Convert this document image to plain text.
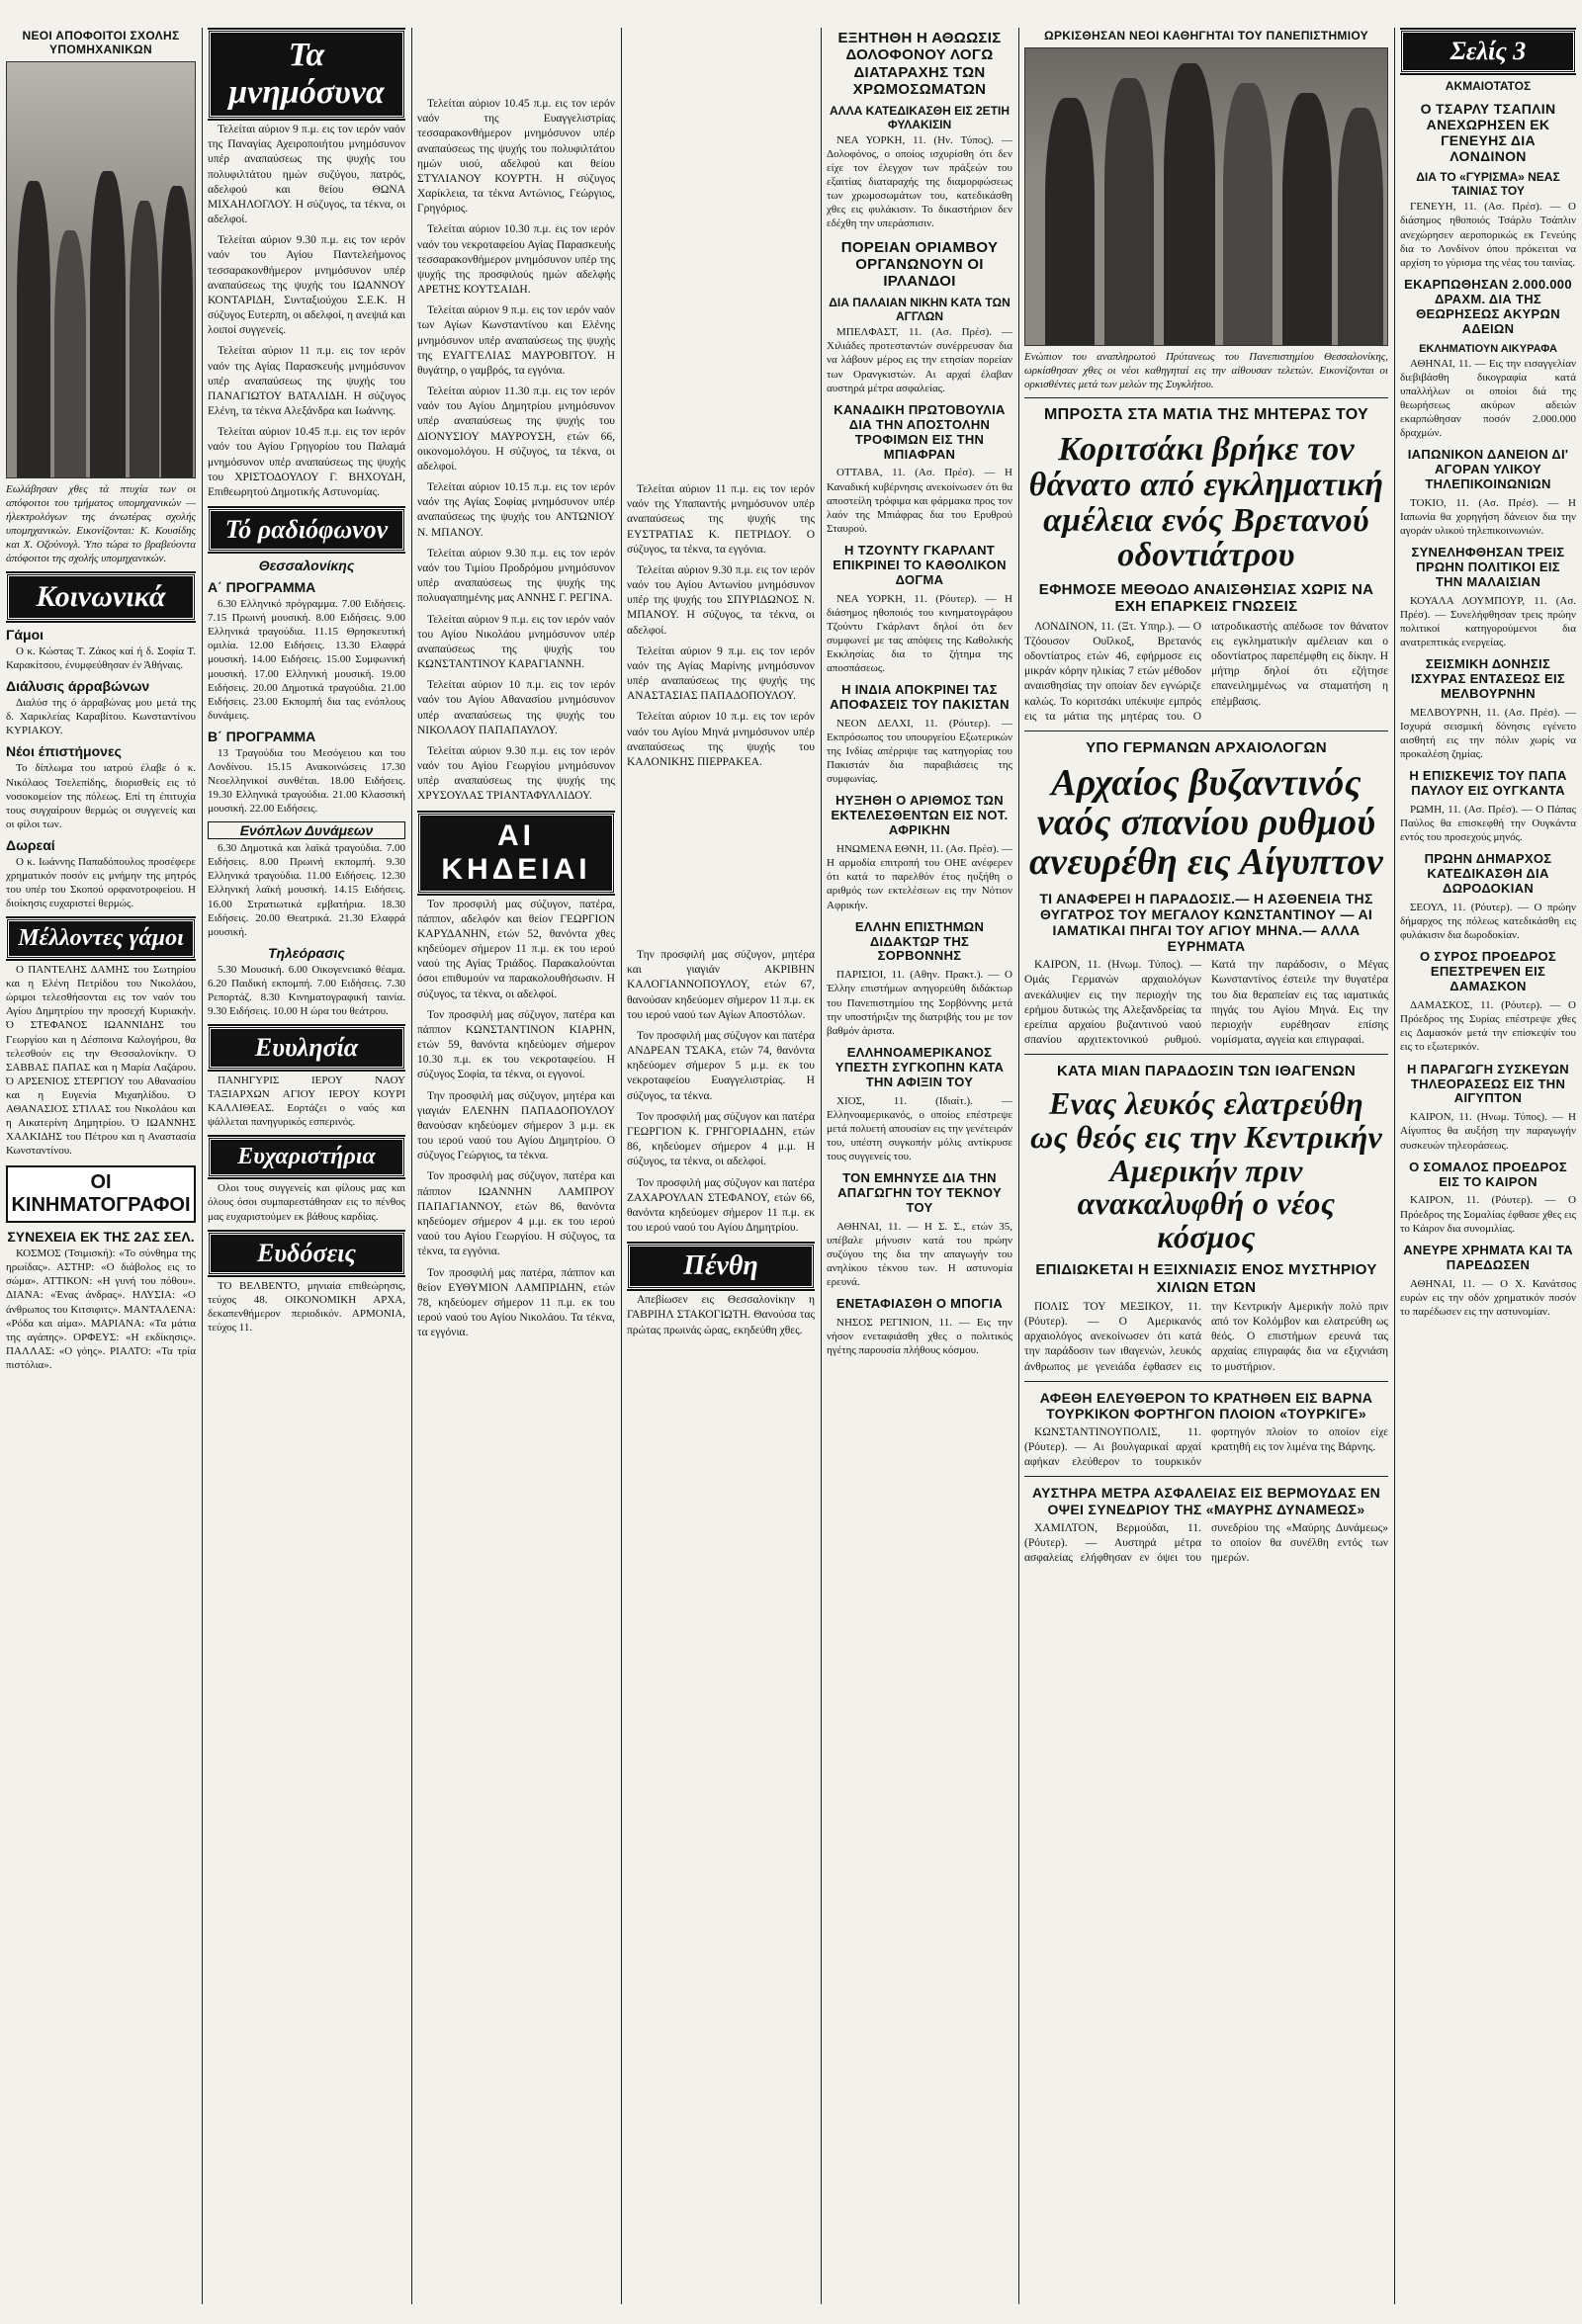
ΝΕΟΙ ΑΠΟΦΟΙΤΟΙ ΣΧΟΛΗΣ ΥΠΟΜΗΧΑΝΙΚΩΝ
Εωλάβησαν χθες τά πτυχία των οι απόφοιτοι του τμήματος υπομηχανικών — ήλεκτρολόγων της άνωτέρας σχολής υπομηχανικών. Εικονίζονται: Κ. Κουσίδης και Χ. Οζούνογλ. Ύπο τώρα το βραβεύοντα άπόφοιτοι της σχολής υπομηχανικών.
Κοινωνικά
Γάμοι
Ο κ. Κώστας Τ. Ζάκος καί ή δ. Σοφία Τ. Καρακίτσου, ένυμφεύθησαν έν Άθήναις.
Διάλυσις άρραβώνων
Διαλύσ της ό άρραβώνας μου μετά της δ. Χαρικλείας Καραβίτου. Κωνσταντίνου ΚΥΡΙΑΚΟΥ.
Νέοι έπιστήμονες
Το δίπλωμα του ιατρού έλαβε ό κ. Νικόλαος Τσελεπίδης, διορισθείς εις τό νοσοκομείον της πόλεως. Επί τη έπιτυχία τους συγχαίρουν θερμώς οι συγγενείς και οι φίλοι των.
Δωρεαί
Ο κ. Ιωάννης Παπαδόπουλος προσέφερε χρηματικόν ποσόν εις μνήμην της μητρός του υπέρ του Σκοπού ορφανοτροφείου. Η διοίκησις ευχαριστεί θερμώς.
Μέλλοντες γάμοι
Ο ΠΑΝΤΕΛΗΣ ΔΑΜΗΣ του Σωτηρίου και η Ελένη Πετρίδου του Νικολάου, ώριμοι τελεσθήσονται εις τον ναόν του Αγίου Δημητρίου την προσεχή Κυριακήν. Ό ΣΤΕΦΑΝΟΣ ΙΩΑΝΝΙΔΗΣ του Γεωργίου και η Δέσποινα Καλογήρου, θα τελεσθούν εις την Θεσσαλονίκην. Ό ΣΑΒΒΑΣ ΠΑΠΑΣ και η Μαρία Λαζάρου. Ό ΑΡΣΕΝΙΟΣ ΣΤΕΡΓΙΟΥ του Αθανασίου και η Ευγενία Μιχαηλίδου. Ό ΑΘΑΝΑΣΙΟΣ ΣΤΙΛΑΣ του Νικολάου και η Αικατερίνη Δημητρίου. Ό ΙΩΑΝΝΗΣ ΧΑΛΚΙΔΗΣ του Πέτρου και η Αναστασία Κωνσταντίνου.
ΟΙ ΚΙΝΗΜΑΤΟΓΡΑΦΟΙ
ΣΥΝΕΧΕΙΑ ΕΚ ΤΗΣ 2ΑΣ ΣΕΛ.
ΚΟΣΜΟΣ (Τσιμισκή): «Το σύνθημα της ηρωίδας». ΑΣΤΗΡ: «Ο διάβολος εις το σώμα». ΑΤΤΙΚΟΝ: «Η γυνή του πόθου». ΔΙΑΝΑ: «Ένας άνδρας». ΗΛΥΣΙΑ: «Ο άνθρωπος του Κιτσιφιτς». ΜΑΝΤΑΛΕΝΑ: «Ρόδα και αίμα». ΜΑΡΙΑΝΑ: «Τα μάτια της αγάπης». ΟΡΦΕΥΣ: «Η εκδίκησις». ΠΑΛΛΑΣ: «Ο γόης». ΡΙΑΛΤΟ: «Τα τρία πιστόλια».
Τα μνημόσυνα
Τελείται αύριον 9 π.μ. εις τον ιερόν ναόν της Παναγίας Αχειροποιήτου μνημόσυνον υπέρ αναπαύσεως της ψυχής του πολυφιλτάτου ημών συζύγου, πατρός, αδελφού και θείου ΘΩΝΑ ΜΙΧΑΗΛΟΓΛΟΥ. Η σύζυγος, τα τέκνα, οι αδελφοί.
Τελείται αύριον 9.30 π.μ. εις τον ιερόν ναόν του Αγίου Παντελεήμονος τεσσαρακονθήμερον μνημόσυνον υπέρ αναπαύσεως της ψυχής του ΙΩΑΝΝΟΥ ΚΟΝΤΑΡΙΔΗ, Συνταξιούχου Σ.Ε.Κ. Η σύζυγος Ευτερπη, οι αδελφοί, η ανεψιά και λοιποί συγγενείς.
Τελείται αύριον 11 π.μ. εις τον ιερόν ναόν της Αγίας Παρασκευής μνημόσυνον υπέρ αναπαύσεως της ψυχής του ΠΑΝΑΓΙΩΤΟΥ ΒΑΤΑΛΙΔΗ. Η σύζυγος Ελένη, τα τέκνα Αλεξάνδρα και Ιωάννης.
Τελείται αύριον 10.45 π.μ. εις τον ιερόν ναόν του Αγίου Γρηγορίου του Παλαμά μνημόσυνον υπέρ αναπαύσεως της ψυχής του ΧΡΙΣΤΟΔΟΥΛΟΥ Γ. ΒΗΧΟΥΔΗ, Επιθεωρητού Δημοτικής Αστυνομίας.
Τό ραδιόφωνον
Θεσσαλονίκης
Α΄ ΠΡΟΓΡΑΜΜΑ
6.30 Ελληνικό πρόγραμμα. 7.00 Ειδήσεις. 7.15 Πρωινή μουσική. 8.00 Ειδήσεις. 9.00 Ελληνικά τραγούδια. 11.15 Θρησκευτική ομιλία. 12.00 Ειδήσεις. 13.30 Ελαφρά μουσική. 14.00 Ειδήσεις. 15.00 Συμφωνική μουσική. 17.00 Ελληνική μουσική. 19.00 Ειδήσεις. 20.00 Δημοτικά τραγούδια. 21.00 Ειδήσεις. 23.00 Εκπομπή δια τας ενόπλους δυνάμεις.
Β΄ ΠΡΟΓΡΑΜΜΑ
13 Τραγούδια του Μεσόγειου και του Λονδίνου. 15.15 Ανακοινώσεις 17.30 Νεοελληνικοί συνθέται. 18.00 Ειδήσεις. 19.30 Ελληνικά τραγούδια. 21.00 Κλασσική μουσική. 22.00 Ειδήσεις.
Ενόπλων Δυνάμεων
6.30 Δημοτικά και λαϊκά τραγούδια. 7.00 Ειδήσεις. 8.00 Πρωινή εκπομπή. 9.30 Ελληνικά τραγούδια. 11.00 Ειδήσεις. 12.30 Ελληνική λαϊκή μουσική. 14.15 Ειδήσεις. 16.00 Στρατιωτικά εμβατήρια. 18.30 Ειδήσεις. 20.00 Θεατρικά. 21.30 Ελαφρά μουσική.
Τηλεόρασις
5.30 Μουσική. 6.00 Οικογενειακό θέαμα. 6.20 Παιδική εκπομπή. 7.00 Ειδήσεις. 7.30 Ρεπορτάζ. 8.30 Κινηματογραφική ταινία. 9.30 Ειδήσεις. 10.00 Η ώρα του θεάτρου.
Ευυλησία
ΠΑΝΗΓΥΡΙΣ ΙΕΡΟΥ ΝΑΟΥ ΤΑΞΙΑΡΧΩΝ ΑΓΙΟΥ ΙΕΡΟΥ ΚΟΥΡΙ ΚΑΛΛΙΘΕΑΣ. Εορτάζει ο ναός και ψάλλεται πανηγυρικός εσπερινός.
Ευχαριστήρια
Ολοι τους συγγενείς και φίλους μας και όλους όσοι συμπαρεστάθησαν εις το πένθος μας ευχαριστούμεν εκ βάθους καρδίας.
Ευδόσεις
ΤΟ ΒΕΛΒΕΝΤΟ, μηνιαία επιθεώρησις, τεύχος 48. ΟΙΚΟΝΟΜΙΚΗ ΑΡΧΑ, δεκαπενθήμερον περιοδικόν. ΑΡΜΟΝΙΑ, τεύχος 11.
Τελείται αύριον 10.45 π.μ. εις τον ιερόν ναόν της Ευαγγελιστρίας τεσσαρακονθήμερον μνημόσυνον υπέρ αναπαύσεως της ψυχής του πολυφιλτάτου ημών υιού, αδελφού και θείου ΣΤΥΛΙΑΝΟΥ ΚΟΥΡΤΗ. Η σύζυγος Χαρίκλεια, τα τέκνα Αντώνιος, Γεώργιος, Γρηγόριος.
Τελείται αύριον 10.30 π.μ. εις τον ιερόν ναόν του νεκροταφείου Αγίας Παρασκευής τεσσαρακονθήμερον μνημόσυνον υπέρ της ψυχής της προσφιλούς ημών αδελφής ΑΡΕΤΗΣ ΚΟΥΤΣΑΙΔΗ.
Τελείται αύριον 9 π.μ. εις τον ιερόν ναόν των Αγίων Κωνσταντίνου και Ελένης μνημόσυνον υπέρ αναπαύσεως της ψυχής της ΕΥΑΓΓΕΛΙΑΣ ΜΑΥΡΟΒΙΤΟΥ. Η θυγάτηρ, ο γαμβρός, τα εγγόνια.
Τελείται αύριον 11.30 π.μ. εις τον ιερόν ναόν του Αγίου Δημητρίου μνημόσυνον υπέρ αναπαύσεως της ψυχής του ΔΙΟΝΥΣΙΟΥ ΜΑΥΡΟΥΣΗ, ετών 66, οικονομολόγου. Η σύζυγος, τα τέκνα, οι αδελφοί.
Τελείται αύριον 10.15 π.μ. εις τον ιερόν ναόν της Αγίας Σοφίας μνημόσυνον υπέρ αναπαύσεως της ψυχής του ΑΝΤΩΝΙΟΥ Ν. ΜΠΑΝΟΥ.
Τελείται αύριον 9.30 π.μ. εις τον ιερόν ναόν του Τιμίου Προδρόμου μνημόσυνον υπέρ αναπαύσεως της ψυχής της πολυαγαπημένης μας ΑΝΝΗΣ Γ. ΡΕΓΙΝΑ.
Τελείται αύριον 9 π.μ. εις τον ιερόν ναόν του Αγίου Νικολάου μνημόσυνον υπέρ αναπαύσεως της ψυχής του ΚΩΝΣΤΑΝΤΙΝΟΥ ΚΑΡΑΓΙΑΝΝΗ.
Τελείται αύριον 10 π.μ. εις τον ιερόν ναόν του Αγίου Αθανασίου μνημόσυνον υπέρ αναπαύσεως της ψυχής του ΝΙΚΟΛΑΟΥ ΠΑΠΑΠΑΥΛΟΥ.
Τελείται αύριον 9.30 π.μ. εις τον ιερόν ναόν του Αγίου Γεωργίου μνημόσυνον υπέρ αναπαύσεως της ψυχής της ΧΡΥΣΟΥΛΑΣ ΤΡΙΑΝΤΑΦΥΛΛΙΔΟΥ.
ΑΙ ΚΗΔΕΙΑΙ
Τον προσφιλή μας σύζυγον, πατέρα, πάππον, αδελφόν και θείον ΓΕΩΡΓΙΟΝ ΚΑΡΥΔΑΝΗΝ, ετών 52, θανόντα χθες κηδεύομεν σήμερον 11 π.μ. εκ του ιερού ναού της Αγίας Τριάδος. Παρακαλούνται όσοι επιθυμούν να παρακολουθήσωσιν. Η σύζυγος, τα τέκνα, οι αδελφοί.
Τον προσφιλή μας σύζυγον, πατέρα και πάππον ΚΩΝΣΤΑΝΤΙΝΟΝ ΚΙΑΡΗΝ, ετών 59, θανόντα κηδεύομεν σήμερον 10.30 π.μ. εκ του νεκροταφείου. Η σύζυγος Σοφία, τα τέκνα, οι εγγονοί.
Την προσφιλή μας σύζυγον, μητέρα και γιαγιάν ΕΛΕΝΗΝ ΠΑΠΑΔΟΠΟΥΛΟΥ θανούσαν κηδεύομεν σήμερον 3 μ.μ. εκ του ιερού ναού του Αγίου Δημητρίου. Ο σύζυγος Γεώργιος, τα τέκνα.
Τον προσφιλή μας σύζυγον, πατέρα και πάππον ΙΩΑΝΝΗΝ ΛΑΜΠΡΟΥ ΠΑΠΑΓΙΑΝΝΟΥ, ετών 86, θανόντα κηδεύομεν σήμερον 4 μ.μ. εκ του ιερού ναού του Αγίου Γεωργίου. Η σύζυγος, τα τέκνα, τα εγγόνια.
Τον προσφιλή μας πατέρα, πάππον και θείον ΕΥΘΥΜΙΟΝ ΛΑΜΠΡΙΔΗΝ, ετών 78, κηδεύομεν σήμερον 11 π.μ. εκ του ιερού ναού του Αγίου Νικολάου. Τα τέκνα, τα εγγόνια.
Τελείται αύριον 11 π.μ. εις τον ιερόν ναόν της Υπαπαντής μνημόσυνον υπέρ αναπαύσεως της ψυχής της ΕΥΣΤΡΑΤΙΑΣ Κ. ΠΕΤΡΙΔΟΥ. Ο σύζυγος, τα τέκνα, τα εγγόνια.
Τελείται αύριον 9.30 π.μ. εις τον ιερόν ναόν του Αγίου Αντωνίου μνημόσυνον υπέρ της ψυχής του ΣΠΥΡΙΔΩΝΟΣ Ν. ΜΠΑΝΟΥ. Η σύζυγος, τα τέκνα, οι αδελφοί.
Τελείται αύριον 9 π.μ. εις τον ιερόν ναόν της Αγίας Μαρίνης μνημόσυνον υπέρ αναπαύσεως της ψυχής της ΑΝΑΣΤΑΣΙΑΣ ΠΑΠΑΔΟΠΟΥΛΟΥ.
Τελείται αύριον 10 π.μ. εις τον ιερόν ναόν του Αγίου Μηνά μνημόσυνον υπέρ αναπαύσεως της ψυχής του ΚΑΛΟΝΙΚΗΣ ΠΙΕΡΡΑΚΕΑ.
Την προσφιλή μας σύζυγον, μητέρα και γιαγιάν ΑΚΡΙΒΗΝ ΚΑΛΟΓΙΑΝΝΟΠΟΥΛΟΥ, ετών 67, θανούσαν κηδεύομεν σήμερον 11 π.μ. εκ του ιερού ναού των Αγίων Αποστόλων.
Τον προσφιλή μας σύζυγον και πατέρα ΑΝΔΡΕΑΝ ΤΣΑΚΑ, ετών 74, θανόντα κηδεύομεν σήμερον 5 μ.μ. εκ του νεκροταφείου Ευαγγελιστρίας. Η σύζυγος, τα τέκνα.
Τον προσφιλή μας σύζυγον και πατέρα ΓΕΩΡΓΙΟΝ Κ. ΓΡΗΓΟΡΙΑΔΗΝ, ετών 86, κηδεύομεν σήμερον 4 μ.μ. Η σύζυγος, τα τέκνα, οι αδελφοί.
Τον προσφιλή μας σύζυγον και πατέρα ΖΑΧΑΡΟΥΛΑΝ ΣΤΕΦΑΝΟΥ, ετών 66, θανόντα κηδεύομεν σήμερον 11 π.μ. εκ του ιερού ναού του Αγίου Δημητρίου.
Πένθη
Απεβίωσεν εις Θεσσαλονίκην η ΓΑΒΡΙΗΛ ΣΤΑΚΟΓΙΩΤΗ. Θανούσα τας πρώτας πρωινάς ώρας, εκηδεύθη χθες.
ΕΞΗΤΗΘΗ Η ΑΘΩΩΣΙΣ ΔΟΛΟΦΟΝΟΥ ΛΟΓΩ ΔΙΑΤΑΡΑΧΗΣ ΤΩΝ ΧΡΩΜΟΣΩΜΑΤΩΝ
ΑΛΛΑ ΚΑΤΕΔΙΚΑΣΘΗ ΕΙΣ 2ΕΤΙΗ ΦΥΛΑΚΙΣΙΝ
ΝΕΑ ΥΟΡΚΗ, 11. (Ην. Τύπος). — Δολοφόνος, ο οποίος ισχυρίσθη ότι δεν είχε τον έλεγχον των πράξεών του εξαιτίας διαταραχής της διαμορφώσεως των χρωμοσωμάτων του, κατεδικάσθη χθες εις φυλάκισιν. Το δικαστήριον δεν εδέχθη την υπεράσπισιν.
ΠΟΡΕΙΑΝ ΟΡΙΑΜΒΟΥ ΟΡΓΑΝΩΝΟΥΝ ΟΙ ΙΡΛΑΝΔΟΙ
ΔΙΑ ΠΑΛΑΙΑΝ ΝΙΚΗΝ ΚΑΤΑ ΤΩΝ ΑΓΓΛΩΝ
ΜΠΕΛΦΑΣΤ, 11. (Ασ. Πρέσ). — Χιλιάδες προτεσταντών συνέρρευσαν δια να λάβουν μέρος εις την ετησίαν πορείαν των Ορανγκιστών. Αι αρχαί έλαβαν αυστηρά μέτρα ασφαλείας.
ΚΑΝΑΔΙΚΗ ΠΡΩΤΟΒΟΥΛΙΑ ΔΙΑ ΤΗΝ ΑΠΟΣΤΟΛΗΝ ΤΡΟΦΙΜΩΝ ΕΙΣ ΤΗΝ ΜΠΙΑΦΡΑΝ
ΟΤΤΑΒΑ, 11. (Ασ. Πρέσ). — Η Καναδική κυβέρνησις ανεκοίνωσεν ότι θα αποστείλη τρόφιμα και φάρμακα προς τον λαόν της Μπιάφρας δια του Ερυθρού Σταυρού.
Η ΤΖΟΥΝΤΥ ΓΚΑΡΛΑΝΤ ΕΠΙΚΡΙΝΕΙ ΤΟ ΚΑΘΟΛΙΚΟΝ ΔΟΓΜΑ
ΝΕΑ ΥΟΡΚΗ, 11. (Ρόυτερ). — Η διάσημος ηθοποιός του κινηματογράφου Τζούντυ Γκάρλαντ δηλοί ότι δεν συμφωνεί με τας απόψεις της Καθολικής Εκκλησίας δια το ζήτημα της αποσπάσεως.
Η ΙΝΔΙΑ ΑΠΟΚΡΙΝΕΙ ΤΑΣ ΑΠΟΦΑΣΕΙΣ ΤΟΥ ΠΑΚΙΣΤΑΝ
ΝΕΟΝ ΔΕΛΧΙ, 11. (Ρόυτερ). — Εκπρόσωπος του υπουργείου Εξωτερικών της Ινδίας απέρριψε τας κατηγορίας του Πακιστάν δια παραβιάσεις της συμφωνίας.
ΗΥΞΗΘΗ Ο ΑΡΙΘΜΟΣ ΤΩΝ ΕΚΤΕΛΕΣΘΕΝΤΩΝ ΕΙΣ ΝΟΤ. ΑΦΡΙΚΗΝ
ΗΝΩΜΕΝΑ ΕΘΝΗ, 11. (Ασ. Πρέσ). — Η αρμοδία επιτροπή του ΟΗΕ ανέφερεν ότι κατά το παρελθόν έτος ηυξήθη ο αριθμός των εκτελέσεων εις την Νότιον Αφρικήν.
ΕΛΛΗΝ ΕΠΙΣΤΗΜΩΝ ΔΙΔΑΚΤΩΡ ΤΗΣ ΣΟΡΒΟΝΝΗΣ
ΠΑΡΙΣΙΟΙ, 11. (Αθην. Πρακτ.). — Ο Έλλην επιστήμων ανηγορεύθη διδάκτωρ του Πανεπιστημίου της Σορβόννης μετά την υποστήριξιν της διατριβής του με τον βαθμόν άριστα.
ΕΛΛΗΝΟΑΜΕΡΙΚΑΝΟΣ ΥΠΕΣΤΗ ΣΥΓΚΟΠΗΝ ΚΑΤΑ ΤΗΝ ΑΦΙΞΙΝ ΤΟΥ
ΧΙΟΣ, 11. (Ιδιαίτ.). — Ελληνοαμερικανός, ο οποίος επέστρεψε μετά πολυετή απουσίαν εις την γενέτειράν του, υπέστη συγκοπήν μόλις αντίκρυσε τους συγγενείς του.
ΤΟΝ ΕΜΗΝΥΣΕ ΔΙΑ ΤΗΝ ΑΠΑΓΩΓΗΝ ΤΟΥ ΤΕΚΝΟΥ ΤΟΥ
ΑΘΗΝΑΙ, 11. — Η Σ. Σ., ετών 35, υπέβαλε μήνυσιν κατά του πρώην συζύγου της δια την απαγωγήν του ανηλίκου τέκνου των. Η αστυνομία ερευνά.
ΕΝΕΤΑΦΙΑΣΘΗ Ο ΜΠΟΓΙΑ
ΝΗΣΟΣ ΡΕΓΙΝΙΟΝ, 11. — Εις την νήσον ενεταφιάσθη χθες ο πολιτικός ηγέτης παρουσία πλήθους κόσμου.
ΩΡΚΙΣΘΗΣΑΝ ΝΕΟΙ ΚΑΘΗΓΗΤΑΙ ΤΟΥ ΠΑΝΕΠΙΣΤΗΜΙΟΥ
Ενώπιον του αναπληρωτού Πρύτανεως του Πανεπιστημίου Θεσσαλονίκης, ωρκίσθησαν χθες οι νέοι καθηγηταί εις την αίθουσαν τελετών. Εικονίζονται οι ορκισθέντες μετά των μελών της Συγκλήτου.
ΜΠΡΟΣΤΑ ΣΤΑ ΜΑΤΙΑ ΤΗΣ ΜΗΤΕΡΑΣ ΤΟΥ
Κοριτσάκι βρήκε τον θάνατο από εγκληματική αμέλεια ενός Βρετανού οδοντιάτρου
ΕΦΗΜΟΣΕ ΜΕΘΟΔΟ ΑΝΑΙΣΘΗΣΙΑΣ ΧΩΡΙΣ ΝΑ ΕΧΗ ΕΠΑΡΚΕΙΣ ΓΝΩΣΕΙΣ
ΛΟΝΔΙΝΟΝ, 11. (Ξτ. Υπηρ.). — Ο Τζόουσον Ουΐλκοξ, Βρετανός οδοντίατρος ετών 46, εφήρμοσε εις μικράν κόρην ηλικίας 7 ετών μέθοδον αναισθησίας την οποίαν δεν εγνώριζε καλώς. Το κοριτσάκι υπέκυψε εμπρός εις τα μάτια της μητέρας του. Ο ιατροδικαστής απέδωσε τον θάνατον εις εγκληματικήν αμέλειαν και ο οδοντίατρος παρεπέμφθη εις δίκην. Η μήτηρ δηλοί ότι εζήτησε επανειλημμένως να σταματήση η επέμβασις.
ΥΠΟ ΓΕΡΜΑΝΩΝ ΑΡΧΑΙΟΛΟΓΩΝ
Αρχαίος βυζαντινός ναός σπανίου ρυθμού ανευρέθη εις Αίγυπτον
ΤΙ ΑΝΑΦΕΡΕΙ Η ΠΑΡΑΔΟΣΙΣ.— Η ΑΣΘΕΝΕΙΑ ΤΗΣ ΘΥΓΑΤΡΟΣ ΤΟΥ ΜΕΓΑΛΟΥ ΚΩΝΣΤΑΝΤΙΝΟΥ — ΑΙ ΙΑΜΑΤΙΚΑΙ ΠΗΓΑΙ ΤΟΥ ΑΓΙΟΥ ΜΗΝΑ.— ΑΛΛΑ ΕΥΡΗΜΑΤΑ
ΚΑΙΡΟΝ, 11. (Ηνωμ. Τύπος). — Ομάς Γερμανών αρχαιολόγων ανεκάλυψεν εις την περιοχήν της ερήμου δυτικώς της Αλεξανδρείας τα ερείπια αρχαίου βυζαντινού ναού σπανίου αρχιτεκτονικού ρυθμού. Κατά την παράδοσιν, ο Μέγας Κωνσταντίνος έστειλε την θυγατέρα του δια θεραπείαν εις τας ιαματικάς πηγάς του Αγίου Μηνά. Εις την περιοχήν ευρέθησαν επίσης νομίσματα, αγγεία και επιγραφαί.
ΚΑΤΑ ΜΙΑΝ ΠΑΡΑΔΟΣΙΝ ΤΩΝ ΙΘΑΓΕΝΩΝ
Ενας λευκός ελατρεύθη ως θεός εις την Κεντρικήν Αμερικήν πριν ανακαλυφθή ο νέος κόσμος
ΕΠΙΔΙΩΚΕΤΑΙ Η ΕΞΙΧΝΙΑΣΙΣ ΕΝΟΣ ΜΥΣΤΗΡΙΟΥ ΧΙΛΙΩΝ ΕΤΩΝ
ΠΟΛΙΣ ΤΟΥ ΜΕΞΙΚΟΥ, 11. (Ρόυτερ). — Ο Αμερικανός αρχαιολόγος ανεκοίνωσεν ότι κατά την παράδοσιν των ιθαγενών, λευκός άνθρωπος με γενειάδα έφθασεν εις την Κεντρικήν Αμερικήν πολύ πριν από τον Κολόμβον και ελατρεύθη ως θεός. Ο επιστήμων ερευνά τας αρχαίας επιγραφάς δια να εξιχνιάση το μυστήριον.
ΑΦΕΘΗ ΕΛΕΥΘΕΡΟΝ ΤΟ ΚΡΑΤΗΘΕΝ ΕΙΣ ΒΑΡΝΑ ΤΟΥΡΚΙΚΟΝ ΦΟΡΤΗΓΟΝ ΠΛΟΙΟΝ «ΤΟΥΡΚΙΓΕ»
ΚΩΝΣΤΑΝΤΙΝΟΥΠΟΛΙΣ, 11. (Ρόυτερ). — Αι βουλγαρικαί αρχαί αφήκαν ελεύθερον το τουρκικόν φορτηγόν πλοίον το οποίον είχε κρατηθή εις τον λιμένα της Βάρνης.
ΑΥΣΤΗΡΑ ΜΕΤΡΑ ΑΣΦΑΛΕΙΑΣ ΕΙΣ ΒΕΡΜΟΥΔΑΣ ΕΝ ΟΨΕΙ ΣΥΝΕΔΡΙΟΥ ΤΗΣ «ΜΑΥΡΗΣ ΔΥΝΑΜΕΩΣ»
ΧΑΜΙΛΤΟΝ, Βερμούδαι, 11. (Ρόυτερ). — Αυστηρά μέτρα ασφαλείας ελήφθησαν εν όψει του συνεδρίου της «Μαύρης Δυνάμεως» το οποίον θα συνέλθη εντός των ημερών.
Σελίς 3
ΑΚΜΑΙΟΤΑΤΟΣ
Ο ΤΣΑΡΛΥ ΤΣΑΠΛΙΝ ΑΝΕΧΩΡΗΣΕΝ ΕΚ ΓΕΝΕΥΗΣ ΔΙΑ ΛΟΝΔΙΝΟΝ
ΔΙΑ ΤΟ «ΓΥΡΙΣΜΑ» ΝΕΑΣ ΤΑΙΝΙΑΣ ΤΟΥ
ΓΕΝΕΥΗ, 11. (Ασ. Πρέσ). — Ο διάσημος ηθοποιός Τσάρλυ Τσάπλιν ανεχώρησεν αεροπορικώς εκ Γενεύης δια το Λονδίνον όπου πρόκειται να αρχίση το γύρισμα της νέας του ταινίας.
ΕΚΑΡΠΩΘΗΣΑΝ 2.000.000 ΔΡΑΧΜ. ΔΙΑ ΤΗΣ ΘΕΩΡΗΣΕΩΣ ΑΚΥΡΩΝ ΑΔΕΙΩΝ
ΕΚΛΗΜΑΤΙΟΥΝ ΑΙΚΥΡΑΦΑ
ΑΘΗΝΑΙ, 11. — Εις την εισαγγελίαν διεβιβάσθη δικογραφία κατά υπαλλήλων οι οποίοι διά της θεωρήσεως ακύρων αδειών εκαρπώθησαν ποσόν 2.000.000 δραχμών.
ΙΑΠΩΝΙΚΟΝ ΔΑΝΕΙΟΝ ΔΙ' ΑΓΟΡΑΝ ΥΛΙΚΟΥ ΤΗΛΕΠΙΚΟΙΝΩΝΙΩΝ
ΤΟΚΙΟ, 11. (Ασ. Πρέσ). — Η Ιαπωνία θα χορηγήση δάνειον δια την αγοράν υλικού τηλεπικοινωνιών.
ΣΥΝΕΛΗΦΘΗΣΑΝ ΤΡΕΙΣ ΠΡΩΗΝ ΠΟΛΙΤΙΚΟΙ ΕΙΣ ΤΗΝ ΜΑΛΑΙΣΙΑΝ
ΚΟΥΑΛΑ ΛΟΥΜΠΟΥΡ, 11. (Ασ. Πρέσ). — Συνελήφθησαν τρεις πρώην πολιτικοί κατηγορούμενοι δια ανατρεπτικάς ενεργείας.
ΣΕΙΣΜΙΚΗ ΔΟΝΗΣΙΣ ΙΣΧΥΡΑΣ ΕΝΤΑΣΕΩΣ ΕΙΣ ΜΕΛΒΟΥΡΝΗΝ
ΜΕΛΒΟΥΡΝΗ, 11. (Ασ. Πρέσ). — Ισχυρά σεισμική δόνησις εγένετο αισθητή εις την πόλιν χωρίς να προκαλέση ζημίας.
Η ΕΠΙΣΚΕΨΙΣ ΤΟΥ ΠΑΠΑ ΠΑΥΛΟΥ ΕΙΣ ΟΥΓΚΑΝΤΑ
ΡΩΜΗ, 11. (Ασ. Πρέσ). — Ο Πάπας Παύλος θα επισκεφθή την Ουγκάντα εντός του προσεχούς μηνός.
ΠΡΩΗΝ ΔΗΜΑΡΧΟΣ ΚΑΤΕΔΙΚΑΣΘΗ ΔΙΑ ΔΩΡΟΔΟΚΙΑΝ
ΣΕΟΥΛ, 11. (Ρόυτερ). — Ο πρώην δήμαρχος της πόλεως κατεδικάσθη εις φυλάκισιν δια δωροδοκίαν.
Ο ΣΥΡΟΣ ΠΡΟΕΔΡΟΣ ΕΠΕΣΤΡΕΨΕΝ ΕΙΣ ΔΑΜΑΣΚΟΝ
ΔΑΜΑΣΚΟΣ, 11. (Ρόυτερ). — Ο Πρόεδρος της Συρίας επέστρεψε χθες εις Δαμασκόν μετά την επίσκεψίν του εις το εξωτερικόν.
Η ΠΑΡΑΓΩΓΗ ΣΥΣΚΕΥΩΝ ΤΗΛΕΟΡΑΣΕΩΣ ΕΙΣ ΤΗΝ ΑΙΓΥΠΤΟΝ
ΚΑΙΡΟΝ, 11. (Ηνωμ. Τύπος). — Η Αίγυπτος θα αυξήση την παραγωγήν συσκευών τηλεοράσεως.
Ο ΣΟΜΑΛΟΣ ΠΡΟΕΔΡΟΣ ΕΙΣ ΤΟ ΚΑΙΡΟΝ
ΚΑΙΡΟΝ, 11. (Ρόυτερ). — Ο Πρόεδρος της Σομαλίας έφθασε χθες εις το Κάιρον δια συνομιλίας.
ΑΝΕΥΡΕ ΧΡΗΜΑΤΑ ΚΑΙ ΤΑ ΠΑΡΕΔΩΣΕΝ
ΑΘΗΝΑΙ, 11. — Ο Χ. Κανάτσος ευρών εις την οδόν χρηματικόν ποσόν το παρέδωσεν εις την αστυνομίαν.
